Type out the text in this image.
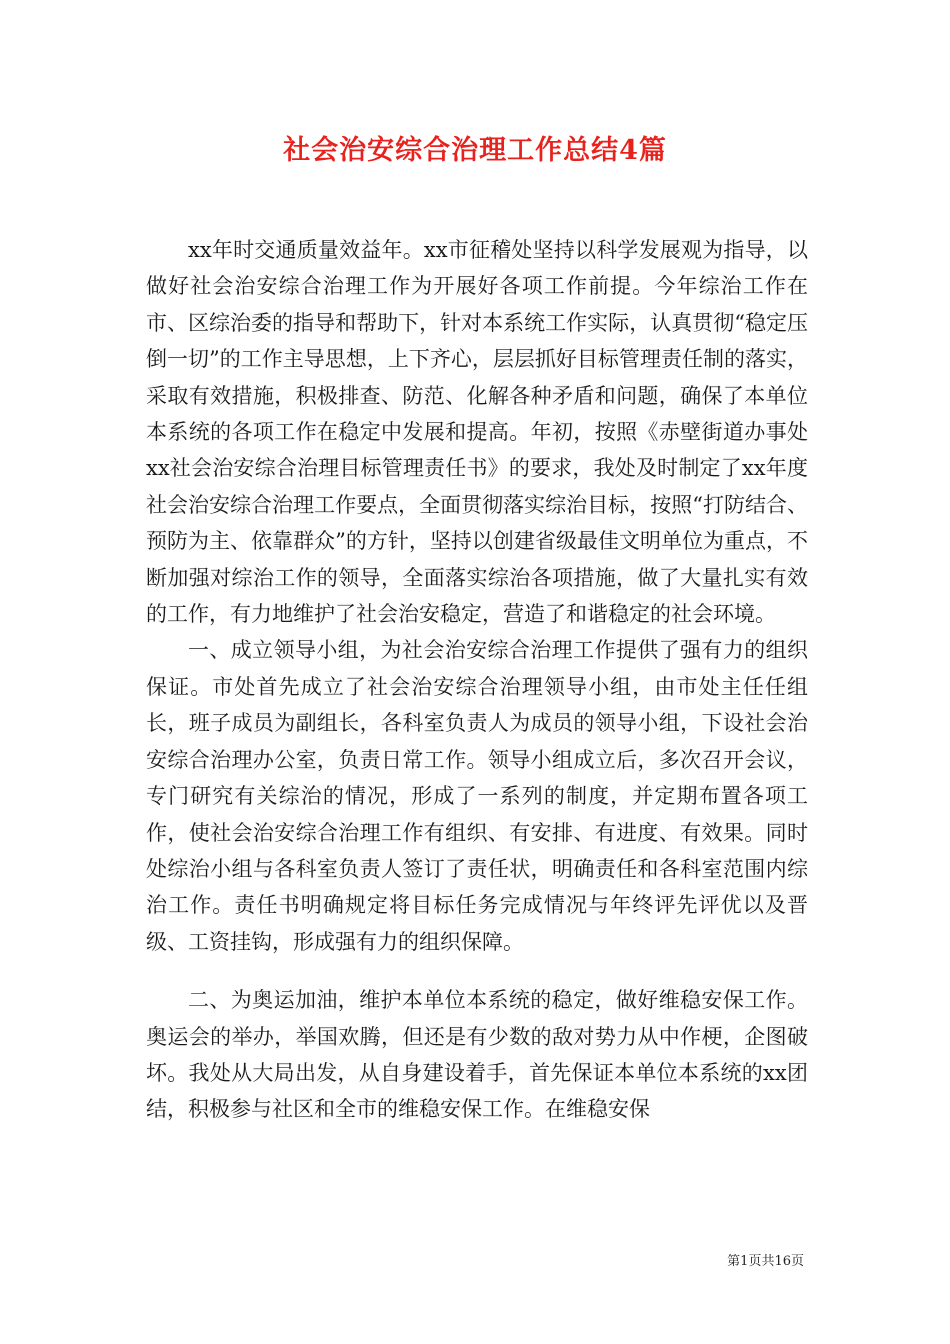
社会治安综合治理工作总结4篇

xx年时交通质量效益年。xx市征稽处坚持以科学发展观为指导，以做好社会治安综合治理工作为开展好各项工作前提。今年综治工作在市、区综治委的指导和帮助下，针对本系统工作实际，认真贯彻“稳定压倒一切”的工作主导思想，上下齐心，层层抓好目标管理责任制的落实，采取有效措施，积极排查、防范、化解各种矛盾和问题，确保了本单位本系统的各项工作在稳定中发展和提高。年初，按照《赤壁街道办事处xx社会治安综合治理目标管理责任书》的要求，我处及时制定了xx年度社会治安综合治理工作要点，全面贯彻落实综治目标，按照“打防结合、预防为主、依靠群众”的方针，坚持以创建省级最佳文明单位为重点，不断加强对综治工作的领导，全面落实综治各项措施，做了大量扎实有效的工作，有力地维护了社会治安稳定，营造了和谐稳定的社会环境。

一、成立领导小组，为社会治安综合治理工作提供了强有力的组织保证。市处首先成立了社会治安综合治理领导小组，由市处主任任组长，班子成员为副组长，各科室负责人为成员的领导小组，下设社会治安综合治理办公室，负责日常工作。领导小组成立后，多次召开会议，专门研究有关综治的情况，形成了一系列的制度，并定期布置各项工作，使社会治安综合治理工作有组织、有安排、有进度、有效果。同时处综治小组与各科室负责人签订了责任状，明确责任和各科室范围内综治工作。责任书明确规定将目标任务完成情况与年终评先评优以及晋级、工资挂钩，形成强有力的组织保障。

二、为奥运加油，维护本单位本系统的稳定，做好维稳安保工作。奥运会的举办，举国欢腾，但还是有少数的敌对势力从中作梗，企图破坏。我处从大局出发，从自身建设着手，首先保证本单位本系统的xx团结，积极参与社区和全市的维稳安保工作。在维稳安保

第1页共16页
